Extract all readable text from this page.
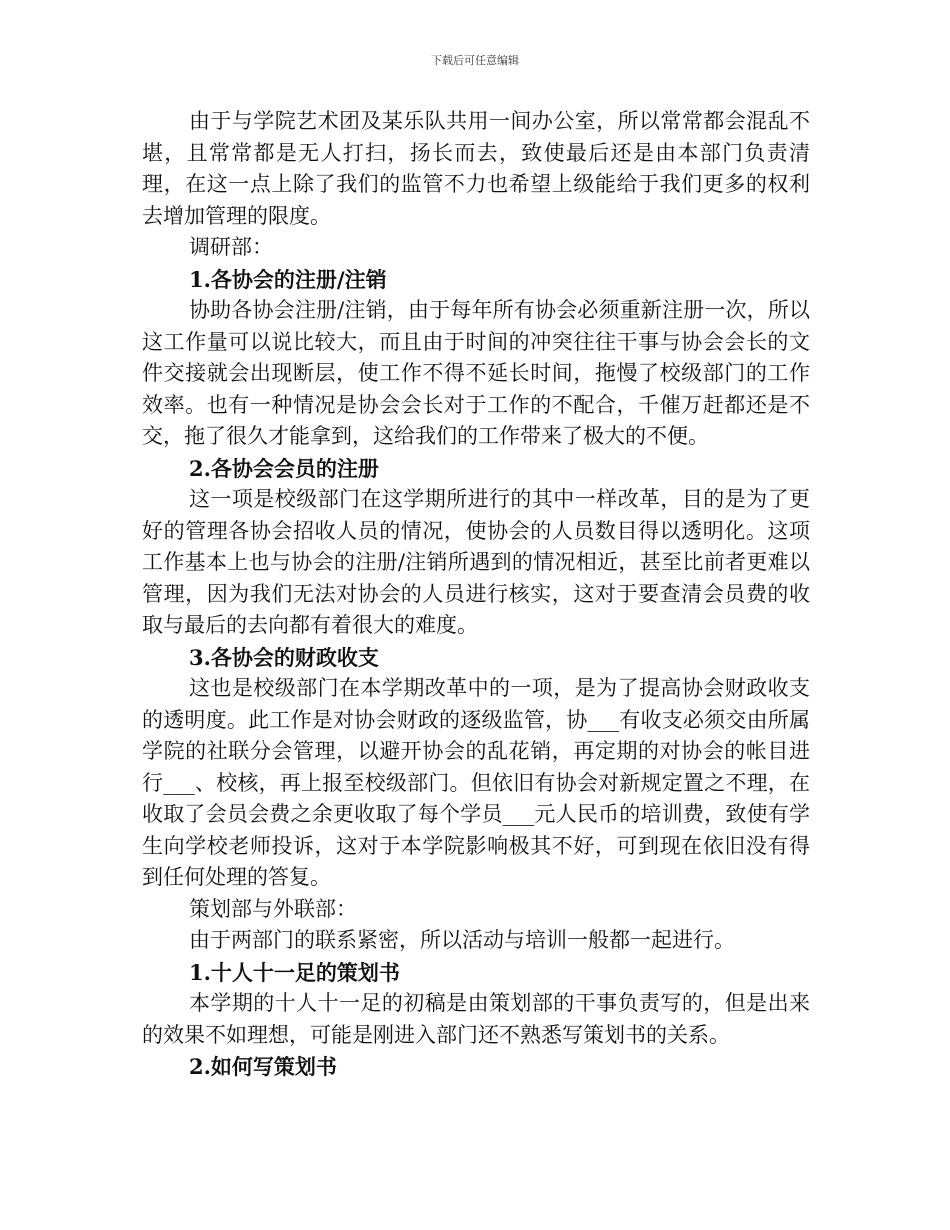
下载后可任意编辑

由于与学院艺术团及某乐队共用一间办公室，所以常常都会混乱不堪，且常常都是无人打扫，扬长而去，致使最后还是由本部门负责清理，在这一点上除了我们的监管不力也希望上级能给于我们更多的权利去增加管理的限度。

调研部：

1.各协会的注册/注销

协助各协会注册/注销，由于每年所有协会必须重新注册一次，所以这工作量可以说比较大，而且由于时间的冲突往往干事与协会会长的文件交接就会出现断层，使工作不得不延长时间，拖慢了校级部门的工作效率。也有一种情况是协会会长对于工作的不配合，千催万赶都还是不交，拖了很久才能拿到，这给我们的工作带来了极大的不便。

2.各协会会员的注册

这一项是校级部门在这学期所进行的其中一样改革，目的是为了更好的管理各协会招收人员的情况，使协会的人员数目得以透明化。这项工作基本上也与协会的注册/注销所遇到的情况相近，甚至比前者更难以管理，因为我们无法对协会的人员进行核实，这对于要查清会员费的收取与最后的去向都有着很大的难度。

3.各协会的财政收支

这也是校级部门在本学期改革中的一项，是为了提高协会财政收支的透明度。此工作是对协会财政的逐级监管，协___有收支必须交由所属学院的社联分会管理，以避开协会的乱花销，再定期的对协会的帐目进行___、校核，再上报至校级部门。但依旧有协会对新规定置之不理，在收取了会员会费之余更收取了每个学员___元人民币的培训费，致使有学生向学校老师投诉，这对于本学院影响极其不好，可到现在依旧没有得到任何处理的答复。

策划部与外联部：

由于两部门的联系紧密，所以活动与培训一般都一起进行。

1.十人十一足的策划书

本学期的十人十一足的初稿是由策划部的干事负责写的，但是出来的效果不如理想，可能是刚进入部门还不熟悉写策划书的关系。

2.如何写策划书
